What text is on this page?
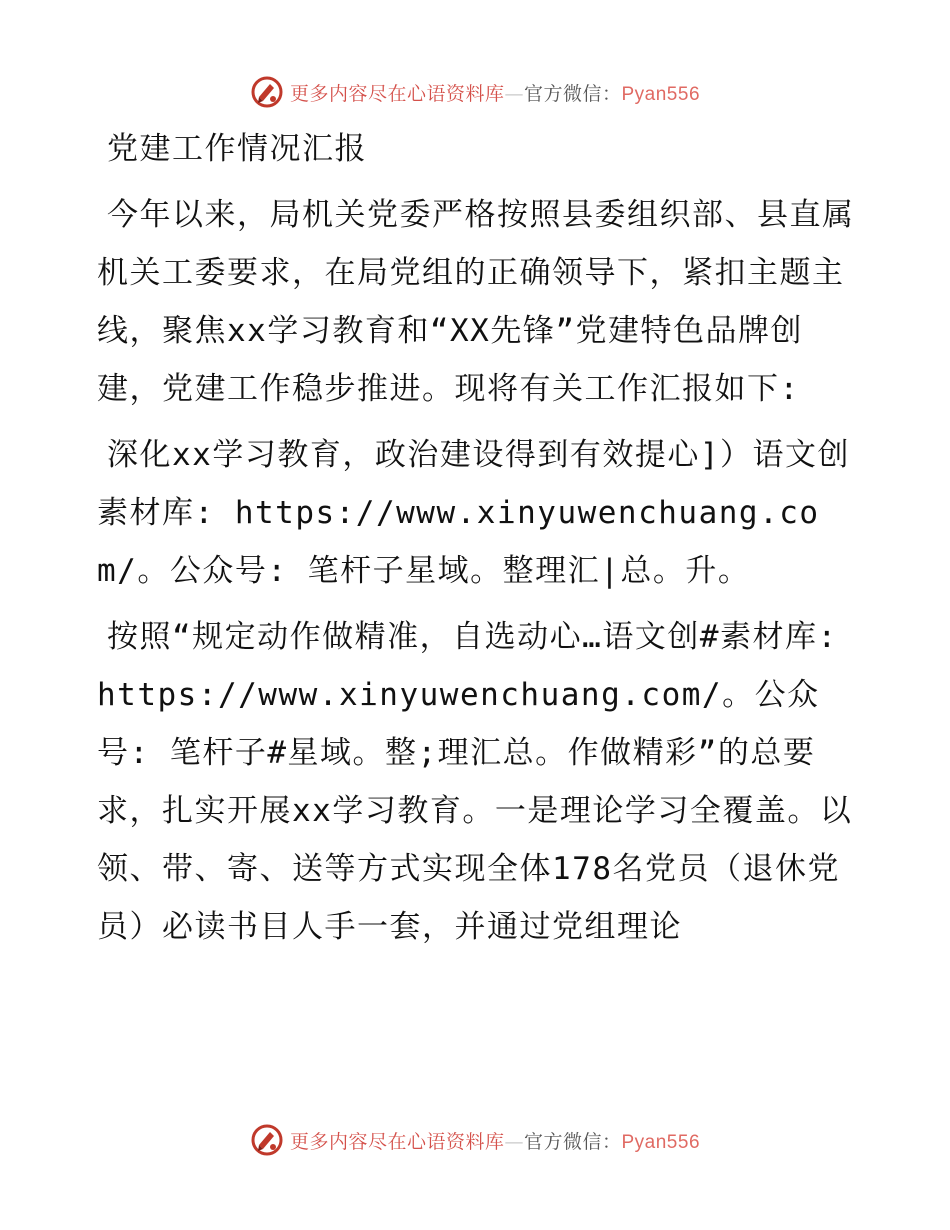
更多内容尽在心语资料库—官方微信：Pyan556

党建工作情况汇报

今年以来，局机关党委严格按照县委组织部、县直属机关工委要求，在局党组的正确领导下，紧扣主题主线，聚焦xx学习教育和“XX先锋”党建特色品牌创建，党建工作稳步推进。现将有关工作汇报如下:

深化xx学习教育，政治建设得到有效提心]）语文创素材库: https://www.xinyuwenchuang.com/。公众号: 笔杆子星域。整理汇|总。升。

按照“规定动作做精准，自选动心…语文创#素材库: https://www.xinyuwenchuang.com/。公众号: 笔杆子#星域。整;理汇总。作做精彩”的总要求，扎实开展xx学习教育。一是理论学习全覆盖。以领、带、寄、送等方式实现全体178名党员（退休党员）必读书目人手一套，并通过党组理论

更多内容尽在心语资料库—官方微信：Pyan556
